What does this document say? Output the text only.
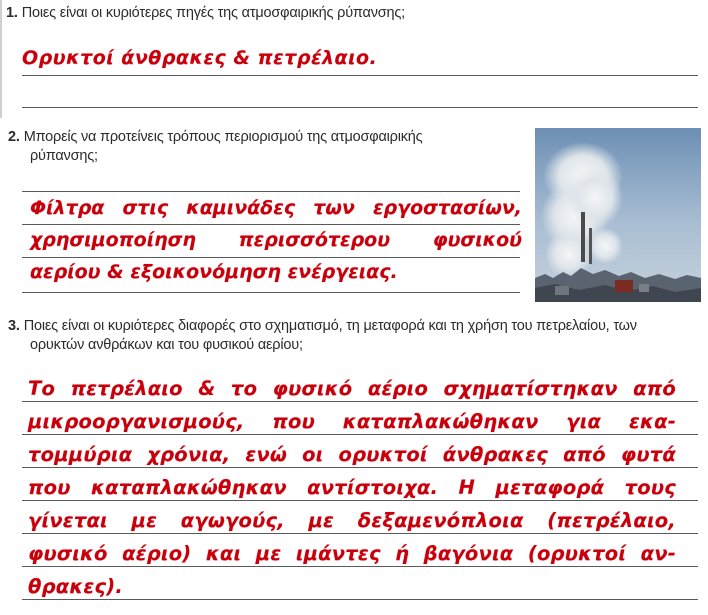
1. Ποιες είναι οι κυριότερες πηγές της ατμοσφαιρικής ρύπανσης;
Ορυκτοί άνθρακες & πετρέλαιο.
2. Μπορείς να προτείνεις τρόπους περιορισμού της ατμοσφαιρικής
ρύπανσης;
Φίλτρα στις καμινάδες των εργοστασίων,
χρησιμοποίηση περισσότερου φυσικού
αερίου & εξοικονόμηση ενέργειας.
3. Ποιες είναι οι κυριότερες διαφορές στο σχηματισμό, τη μεταφορά και τη χρήση του πετρελαίου, των
ορυκτών ανθράκων και του φυσικού αερίου;
Το πετρέλαιο & το φυσικό αέριο σχηματίστηκαν από
μικροοργανισμούς, που καταπλακώθηκαν για εκα-
τομμύρια χρόνια, ενώ οι ορυκτοί άνθρακες από φυτά
που καταπλακώθηκαν αντίστοιχα. Η μεταφορά τους
γίνεται με αγωγούς, με δεξαμενόπλοια (πετρέλαιο,
φυσικό αέριο) και με ιμάντες ή βαγόνια (ορυκτοί αν-
θρακες).
